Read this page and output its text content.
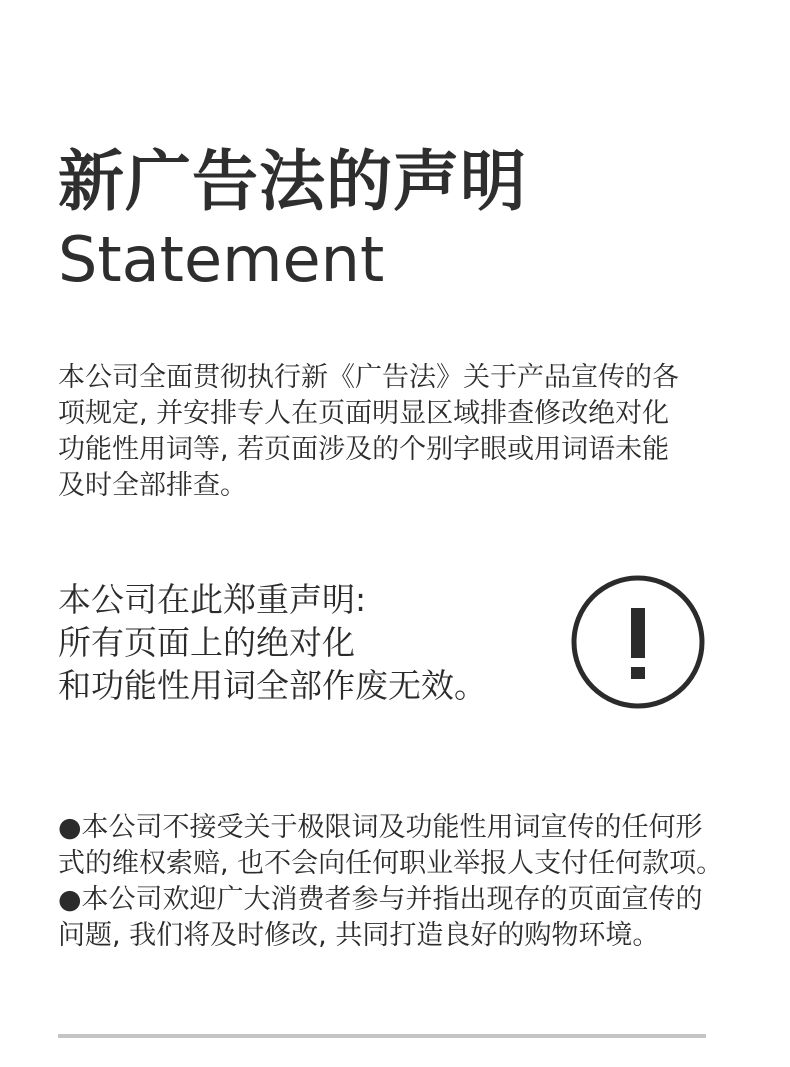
新广告法的声明
Statement

本公司全面贯彻执行新《广告法》关于产品宣传的各
项规定, 并安排专人在页面明显区域排查修改绝对化
功能性用词等, 若页面涉及的个别字眼或用词语未能
及时全部排查。

本公司在此郑重声明:
所有页面上的绝对化
和功能性用词全部作废无效。

●本公司不接受关于极限词及功能性用词宣传的任何形
式的维权索赔, 也不会向任何职业举报人支付任何款项。
●本公司欢迎广大消费者参与并指出现存的页面宣传的
问题, 我们将及时修改, 共同打造良好的购物环境。
